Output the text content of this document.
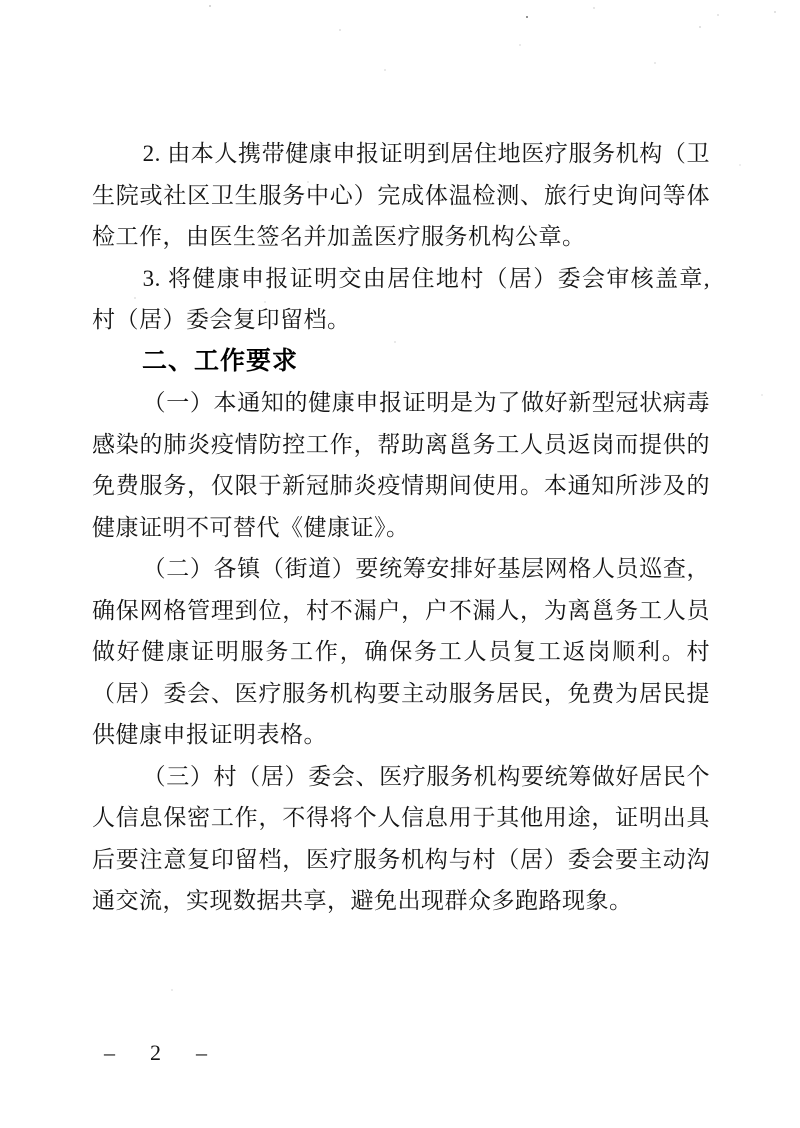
2. 由本人携带健康申报证明到居住地医疗服务机构（卫生院或社区卫生服务中心）完成体温检测、旅行史询问等体检工作，由医生签名并加盖医疗服务机构公章。

3. 将健康申报证明交由居住地村（居）委会审核盖章,村（居）委会复印留档。

二、工作要求

（一）本通知的健康申报证明是为了做好新型冠状病毒感染的肺炎疫情防控工作，帮助离邕务工人员返岗而提供的免费服务，仅限于新冠肺炎疫情期间使用。本通知所涉及的健康证明不可替代《健康证》。

（二）各镇（街道）要统筹安排好基层网格人员巡查，确保网格管理到位，村不漏户，户不漏人，为离邕务工人员做好健康证明服务工作，确保务工人员复工返岗顺利。村（居）委会、医疗服务机构要主动服务居民，免费为居民提供健康申报证明表格。

（三）村（居）委会、医疗服务机构要统筹做好居民个人信息保密工作，不得将个人信息用于其他用途，证明出具后要注意复印留档，医疗服务机构与村（居）委会要主动沟通交流，实现数据共享，避免出现群众多跑路现象。

–  2  –
